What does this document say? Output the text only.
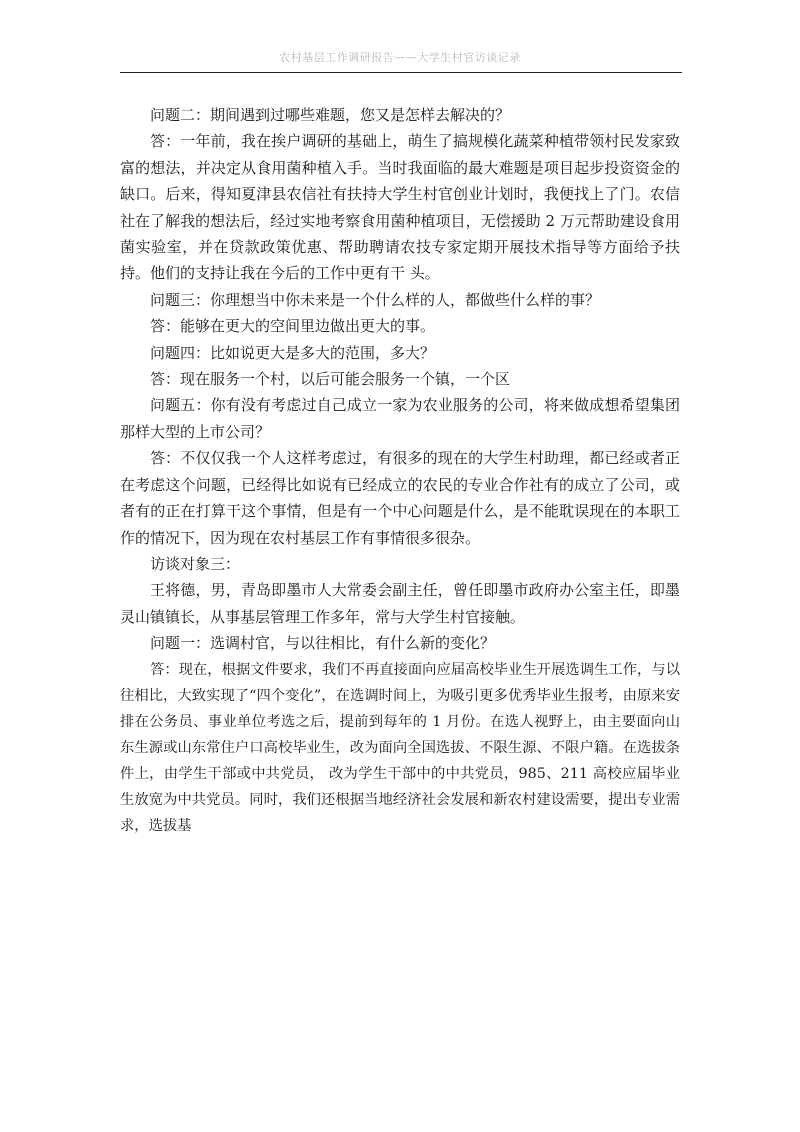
农村基层工作调研报告——大学生村官访谈记录

问题二：期间遇到过哪些难题，您又是怎样去解决的？

答：一年前，我在挨户调研的基础上，萌生了搞规模化蔬菜种植带领村民发家致富的想法，并决定从食用菌种植入手。当时我面临的最大难题是项目起步投资资金的缺口。后来，得知夏津县农信社有扶持大学生村官创业计划时，我便找上了门。农信社在了解我的想法后，经过实地考察食用菌种植项目，无偿援助 2 万元帮助建设食用菌实验室，并在贷款政策优惠、帮助聘请农技专家定期开展技术指导等方面给予扶持。他们的支持让我在今后的工作中更有干 头。

问题三：你理想当中你未来是一个什么样的人，都做些什么样的事？

答：能够在更大的空间里边做出更大的事。

问题四：比如说更大是多大的范围，多大？

答：现在服务一个村，以后可能会服务一个镇，一个区

问题五：你有没有考虑过自己成立一家为农业服务的公司，将来做成想希望集团那样大型的上市公司？

答：不仅仅我一个人这样考虑过，有很多的现在的大学生村助理，都已经或者正在考虑这个问题，已经得比如说有已经成立的农民的专业合作社有的成立了公司，或者有的正在打算干这个事情，但是有一个中心问题是什么，是不能耽误现在的本职工作的情况下，因为现在农村基层工作有事情很多很杂。

访谈对象三：

王将德，男，青岛即墨市人大常委会副主任，曾任即墨市政府办公室主任，即墨灵山镇镇长，从事基层管理工作多年，常与大学生村官接触。

问题一：选调村官，与以往相比，有什么新的变化？

答：现在，根据文件要求，我们不再直接面向应届高校毕业生开展选调生工作，与以往相比，大致实现了“四个变化”，在选调时间上，为吸引更多优秀毕业生报考，由原来安排在公务员、事业单位考选之后，提前到每年的 1 月份。在选人视野上，由主要面向山东生源或山东常住户口高校毕业生，改为面向全国选拔、不限生源、不限户籍。在选拔条件上，由学生干部或中共党员， 改为学生干部中的中共党员，985、211 高校应届毕业生放宽为中共党员。同时，我们还根据当地经济社会发展和新农村建设需要，提出专业需求，选拔基
